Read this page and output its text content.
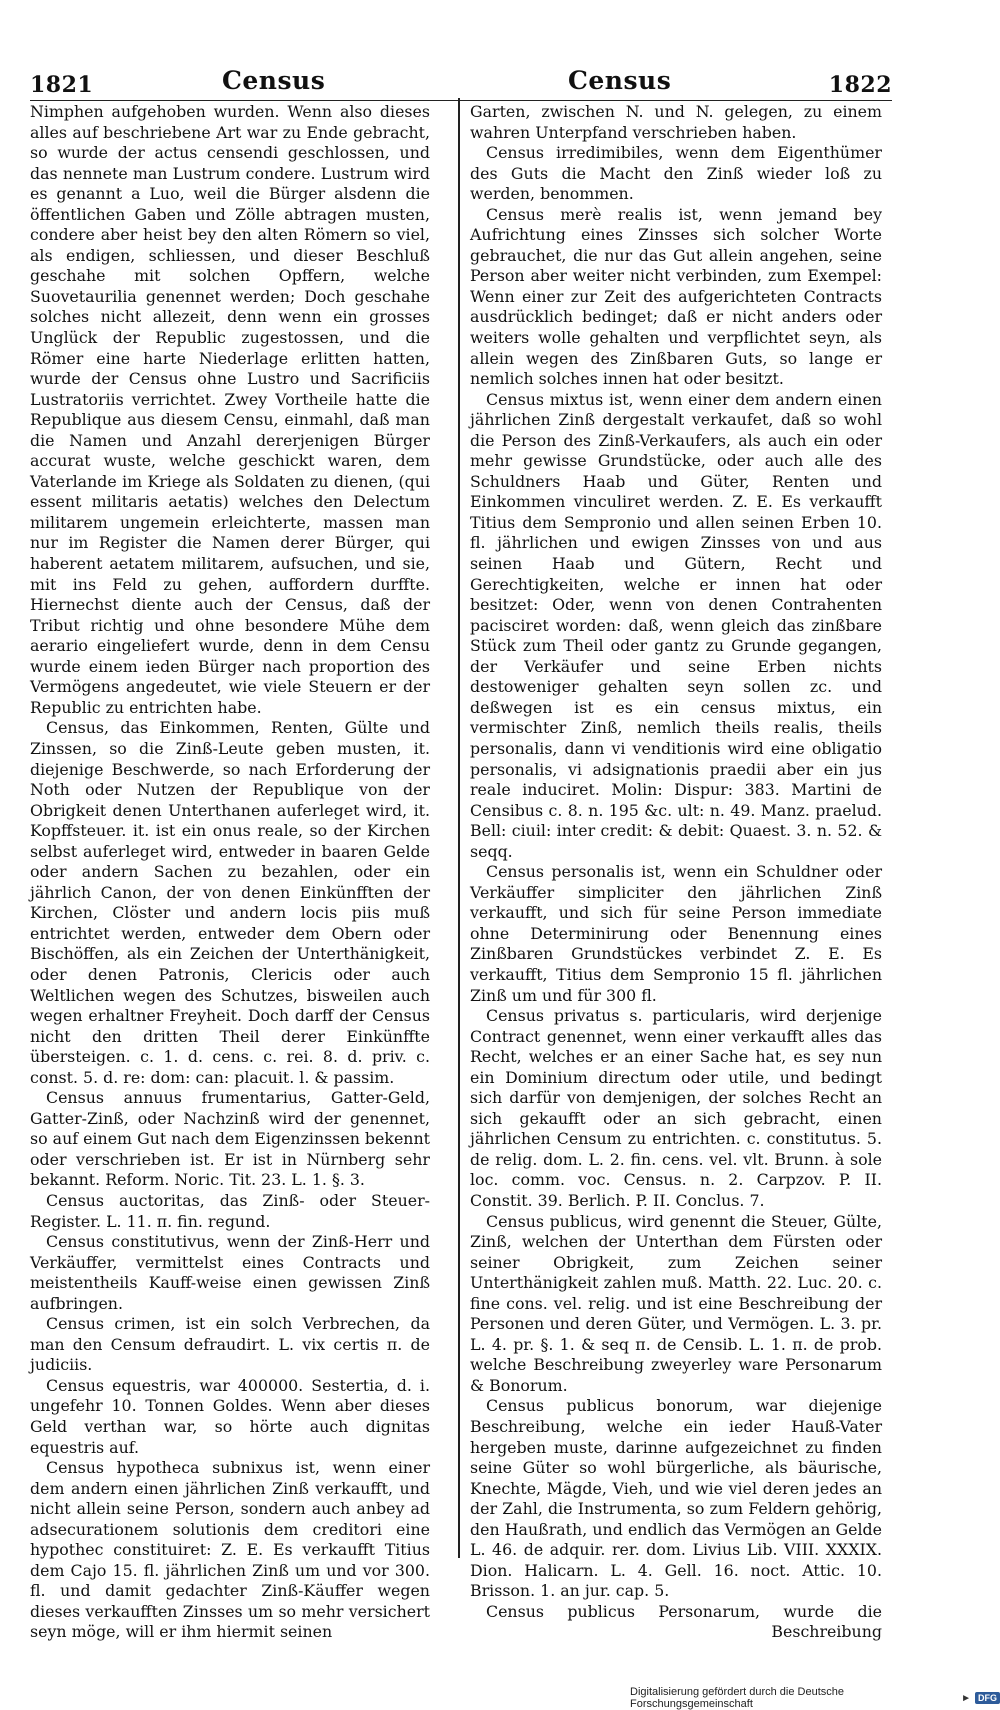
1821	Census	Census	1822

Nimphen aufgehoben wurden. Wenn also dieses alles auf beschriebene Art war zu Ende gebracht, so wurde der actus censendi geschlossen, und das nennete man Lustrum condere. Lustrum wird es genannt a Luo, weil die Bürger alsdenn die öffentlichen Gaben und Zölle abtragen musten, condere aber heist bey den alten Römern so viel, als endigen, schliessen, und dieser Beschluß geschahe mit solchen Opffern, welche Suovetaurilia genennet werden; Doch geschahe solches nicht allezeit, denn wenn ein grosses Unglück der Republic zugestossen, und die Römer eine harte Niederlage erlitten hatten, wurde der Census ohne Lustro und Sacrificiis Lustratoriis verrichtet. Zwey Vortheile hatte die Republique aus diesem Censu, einmahl, daß man die Namen und Anzahl dererjenigen Bürger accurat wuste, welche geschickt waren, dem Vaterlande im Kriege als Soldaten zu dienen, (qui essent militaris aetatis) welches den Delectum militarem ungemein erleichterte, massen man nur im Register die Namen derer Bürger, qui haberent aetatem militarem, aufsuchen, und sie, mit ins Feld zu gehen, auffordern durffte. Hiernechst diente auch der Census, daß der Tribut richtig und ohne besondere Mühe dem aerario eingeliefert wurde, denn in dem Censu wurde einem ieden Bürger nach proportion des Vermögens angedeutet, wie viele Steuern er der Republic zu entrichten habe.

Census, das Einkommen, Renten, Gülte und Zinssen, so die Zinß-Leute geben musten, it. diejenige Beschwerde, so nach Erforderung der Noth oder Nutzen der Republique von der Obrigkeit denen Unterthanen auferleget wird, it. Kopffsteuer. it. ist ein onus reale, so der Kirchen selbst auferleget wird, entweder in baaren Gelde oder andern Sachen zu bezahlen, oder ein jährlich Canon, der von denen Einkünfften der Kirchen, Clöster und andern locis piis muß entrichtet werden, entweder dem Obern oder Bischöffen, als ein Zeichen der Unterthänigkeit, oder denen Patronis, Clericis oder auch Weltlichen wegen des Schutzes, bisweilen auch wegen erhaltner Freyheit. Doch darff der Census nicht den dritten Theil derer Einkünffte übersteigen. c. 1. d. cens. c. rei. 8. d. priv. c. const. 5. d. re: dom: can: placuit. l. & passim.

Census annuus frumentarius, Gatter-Geld, Gatter-Zinß, oder Nachzinß wird der genennet, so auf einem Gut nach dem Eigenzinssen bekennt oder verschrieben ist. Er ist in Nürnberg sehr bekannt. Reform. Noric. Tit. 23. L. 1. §. 3.

Census auctoritas, das Zinß- oder Steuer-Register. L. 11. π. fin. regund.

Census constitutivus, wenn der Zinß-Herr und Verkäuffer, vermittelst eines Contracts und meistentheils Kauff-weise einen gewissen Zinß aufbringen.

Census crimen, ist ein solch Verbrechen, da man den Censum defraudirt. L. vix certis π. de judiciis.

Census equestris, war 400000. Sestertia, d. i. ungefehr 10. Tonnen Goldes. Wenn aber dieses Geld verthan war, so hörte auch dignitas equestris auf.

Census hypotheca subnixus ist, wenn einer dem andern einen jährlichen Zinß verkaufft, und nicht allein seine Person, sondern auch anbey ad adsecurationem solutionis dem creditori eine hypothec constituiret: Z. E. Es verkaufft Titius dem Cajo 15. fl. jährlichen Zinß um und vor 300. fl. und damit gedachter Zinß-Käuffer wegen dieses verkaufften Zinsses um so mehr versichert seyn möge, will er ihm hiermit seinen

Garten, zwischen N. und N. gelegen, zu einem wahren Unterpfand verschrieben haben.

Census irredimibiles, wenn dem Eigenthümer des Guts die Macht den Zinß wieder loß zu werden, benommen.

Census merè realis ist, wenn jemand bey Aufrichtung eines Zinsses sich solcher Worte gebrauchet, die nur das Gut allein angehen, seine Person aber weiter nicht verbinden, zum Exempel: Wenn einer zur Zeit des aufgerichteten Contracts ausdrücklich bedinget; daß er nicht anders oder weiters wolle gehalten und verpflichtet seyn, als allein wegen des Zinßbaren Guts, so lange er nemlich solches innen hat oder besitzt.

Census mixtus ist, wenn einer dem andern einen jährlichen Zinß dergestalt verkaufet, daß so wohl die Person des Zinß-Verkaufers, als auch ein oder mehr gewisse Grundstücke, oder auch alle des Schuldners Haab und Güter, Renten und Einkommen vinculiret werden. Z. E. Es verkaufft Titius dem Sempronio und allen seinen Erben 10. fl. jährlichen und ewigen Zinsses von und aus seinen Haab und Gütern, Recht und Gerechtigkeiten, welche er innen hat oder besitzet: Oder, wenn von denen Contrahenten pacisciret worden: daß, wenn gleich das zinßbare Stück zum Theil oder gantz zu Grunde gegangen, der Verkäufer und seine Erben nichts destoweniger gehalten seyn sollen zc. und deßwegen ist es ein census mixtus, ein vermischter Zinß, nemlich theils realis, theils personalis, dann vi venditionis wird eine obligatio personalis, vi adsignationis praedii aber ein jus reale induciret. Molin: Dispur: 383. Martini de Censibus c. 8. n. 195 &c. ult: n. 49. Manz. praelud. Bell: ciuil: inter credit: & debit: Quaest. 3. n. 52. & seqq.

Census personalis ist, wenn ein Schuldner oder Verkäuffer simpliciter den jährlichen Zinß verkaufft, und sich für seine Person immediate ohne Determinirung oder Benennung eines Zinßbaren Grundstückes verbindet Z. E. Es verkaufft, Titius dem Sempronio 15 fl. jährlichen Zinß um und für 300 fl.

Census privatus s. particularis, wird derjenige Contract genennet, wenn einer verkaufft alles das Recht, welches er an einer Sache hat, es sey nun ein Dominium directum oder utile, und bedingt sich darfür von demjenigen, der solches Recht an sich gekaufft oder an sich gebracht, einen jährlichen Censum zu entrichten. c. constitutus. 5. de relig. dom. L. 2. fin. cens. vel. vlt. Brunn. à sole loc. comm. voc. Census. n. 2. Carpzov. P. II. Constit. 39. Berlich. P. II. Conclus. 7.

Census publicus, wird genennt die Steuer, Gülte, Zinß, welchen der Unterthan dem Fürsten oder seiner Obrigkeit, zum Zeichen seiner Unterthänigkeit zahlen muß. Matth. 22. Luc. 20. c. fine cons. vel. relig. und ist eine Beschreibung der Personen und deren Güter, und Vermögen. L. 3. pr. L. 4. pr. §. 1. & seq π. de Censib. L. 1. π. de prob. welche Beschreibung zweyerley ware Personarum & Bonorum.

Census publicus bonorum, war diejenige Beschreibung, welche ein ieder Hauß-Vater hergeben muste, darinne aufgezeichnet zu finden seine Güter so wohl bürgerliche, als bäurische, Knechte, Mägde, Vieh, und wie viel deren jedes an der Zahl, die Instrumenta, so zum Feldern gehörig, den Haußrath, und endlich das Vermögen an Gelde L. 46. de adquir. rer. dom. Livius Lib. VIII. XXXIX. Dion. Halicarn. L. 4. Gell. 16. noct. Attic. 10. Brisson. 1. an jur. cap. 5.

Census publicus Personarum, wurde die Beschreibung

Digitalisierung gefördert durch die Deutsche Forschungsgemeinschaft	► DFG
